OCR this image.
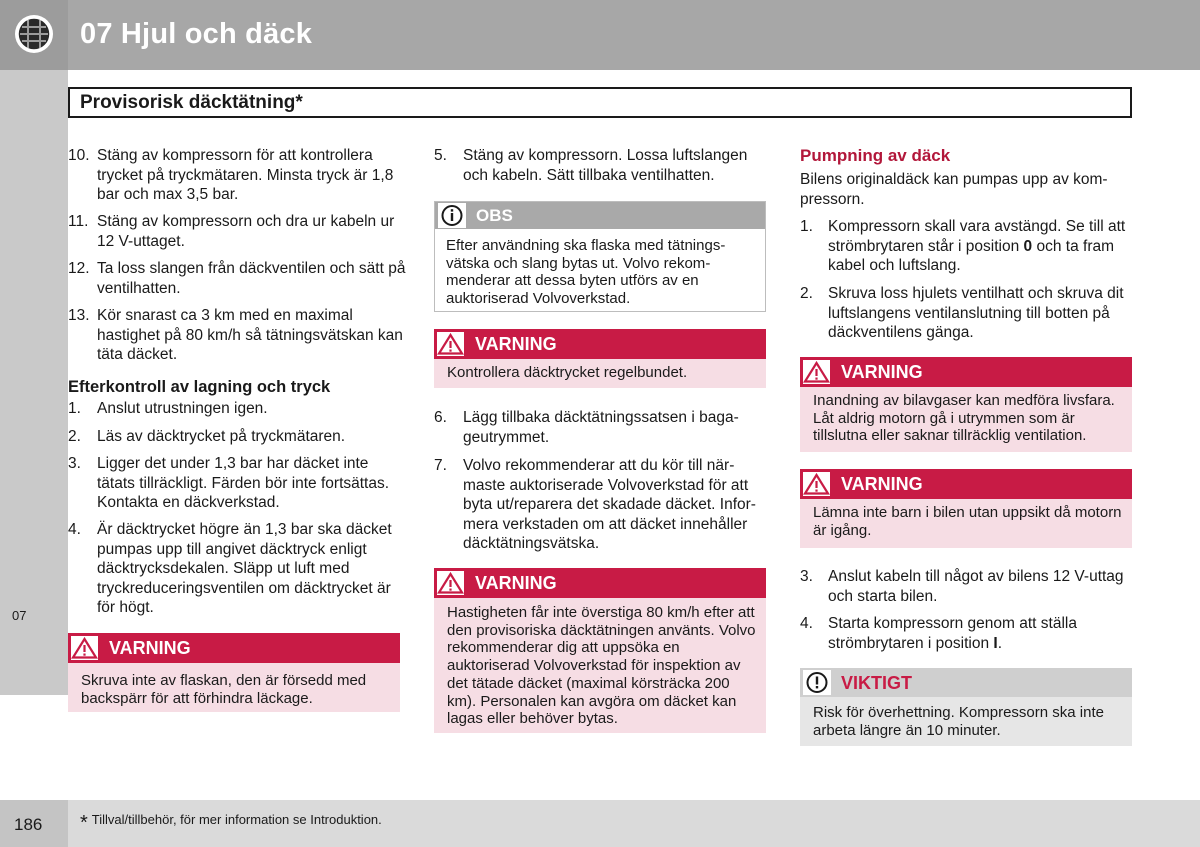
07 Hjul och däck
Provisorisk däcktätning*
07
10. Stäng av kompressorn för att kontrollera trycket på tryckmätaren. Minsta tryck är 1,8 bar och max 3,5 bar.
11. Stäng av kompressorn och dra ur kabeln ur 12 V-uttaget.
12. Ta loss slangen från däckventilen och sätt på ventilhatten.
13. Kör snarast ca 3 km med en maximal hastighet på 80 km/h så tätningsvätskan kan täta däcket.
Efterkontroll av lagning och tryck
1.	Anslut utrustningen igen.
2.	Läs av däcktrycket på tryckmätaren.
3.	Ligger det under 1,3 bar har däcket inte tätats tillräckligt. Färden bör inte fortsättas. Kontakta en däckverkstad.
4.	Är däcktrycket högre än 1,3 bar ska däcket pumpas upp till angivet däcktryck enligt däcktrycksdekalen. Släpp ut luft med tryckreduceringsventilen om däcktrycket är för högt.
VARNING
Skruva inte av flaskan, den är försedd med backspärr för att förhindra läckage.
5.	Stäng av kompressorn. Lossa luftslangen och kabeln. Sätt tillbaka ventilhatten.
OBS
Efter användning ska flaska med tätningsvätska och slang bytas ut. Volvo rekommenderar att dessa byten utförs av en auktoriserad Volvoverkstad.
VARNING
Kontrollera däcktrycket regelbundet.
6.	Lägg tillbaka däcktätningssatsen i bagageutrymmet.
7.	Volvo rekommenderar att du kör till närmaste auktoriserade Volvoverkstad för att byta ut/reparera det skadade däcket. Informera verkstaden om att däcket innehåller däcktätningsvätska.
VARNING
Hastigheten får inte överstiga 80 km/h efter att den provisoriska däcktätningen använts. Volvo rekommenderar dig att uppsöka en auktoriserad Volvoverkstad för inspektion av det tätade däcket (maximal körsträcka 200 km). Personalen kan avgöra om däcket kan lagas eller behöver bytas.
Pumpning av däck
Bilens originaldäck kan pumpas upp av kompressorn.
1. Kompressorn skall vara avstängd. Se till att strömbrytaren står i position 0 och ta fram kabel och luftslang.
2. Skruva loss hjulets ventilhatt och skruva dit luftslangens ventilanslutning till botten på däckventilens gänga.
VARNING
Inandning av bilavgaser kan medföra livsfara. Låt aldrig motorn gå i utrymmen som är tillslutna eller saknar tillräcklig ventilation.
VARNING
Lämna inte barn i bilen utan uppsikt då motorn är igång.
3. Anslut kabeln till något av bilens 12 V-uttag och starta bilen.
4. Starta kompressorn genom att ställa strömbrytaren i position I.
VIKTIGT
Risk för överhettning. Kompressorn ska inte arbeta längre än 10 minuter.
186 * Tillval/tillbehör, för mer information se Introduktion.
